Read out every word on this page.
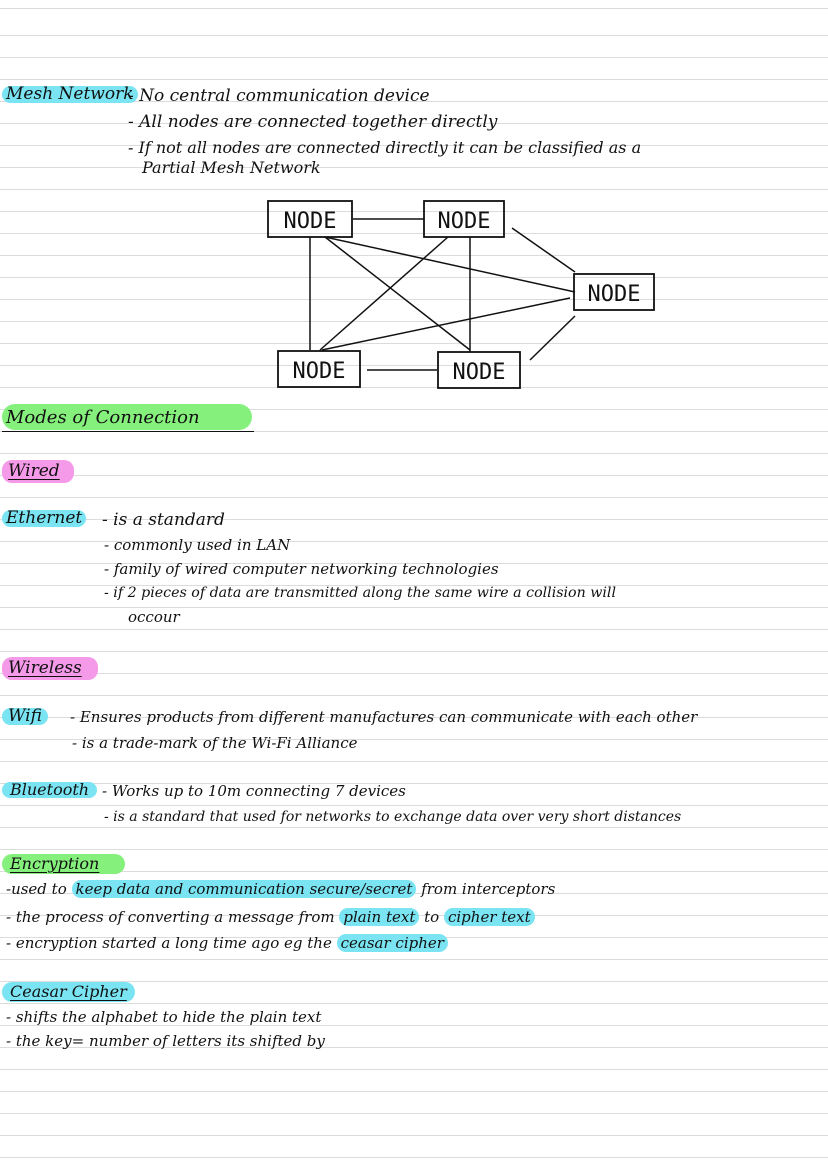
Mesh Network
- No central communication device
- All nodes are connected together directly
- If not all nodes are connected directly it can be classified as a
Partial Mesh Network
NODE	NODE
NODE
NODE	NODE
Modes of Connection
Wired
Ethernet - is a standard
- commonly used in LAN
- family of wired computer networking technologies
- if 2 pieces of data are transmitted along the same wire a collision will
occour
Wireless
Wifi	- Ensures products from different manufactures can communicate with each other
- is a trade-mark of the Wi-Fi Alliance
Bluetooth - Works up to 10m connecting 7 devices
- is a standard that used for networks to exchange data over very short distances
Encryption
-used to keep data and communication secure/secret from interceptors
- the process of converting a message from plain text to cipher text
- encryption started a long time ago eg the ceasar cipher
Ceasar Cipher
- shifts the alphabet to hide the plain text
- the key= number of letters its shifted by
